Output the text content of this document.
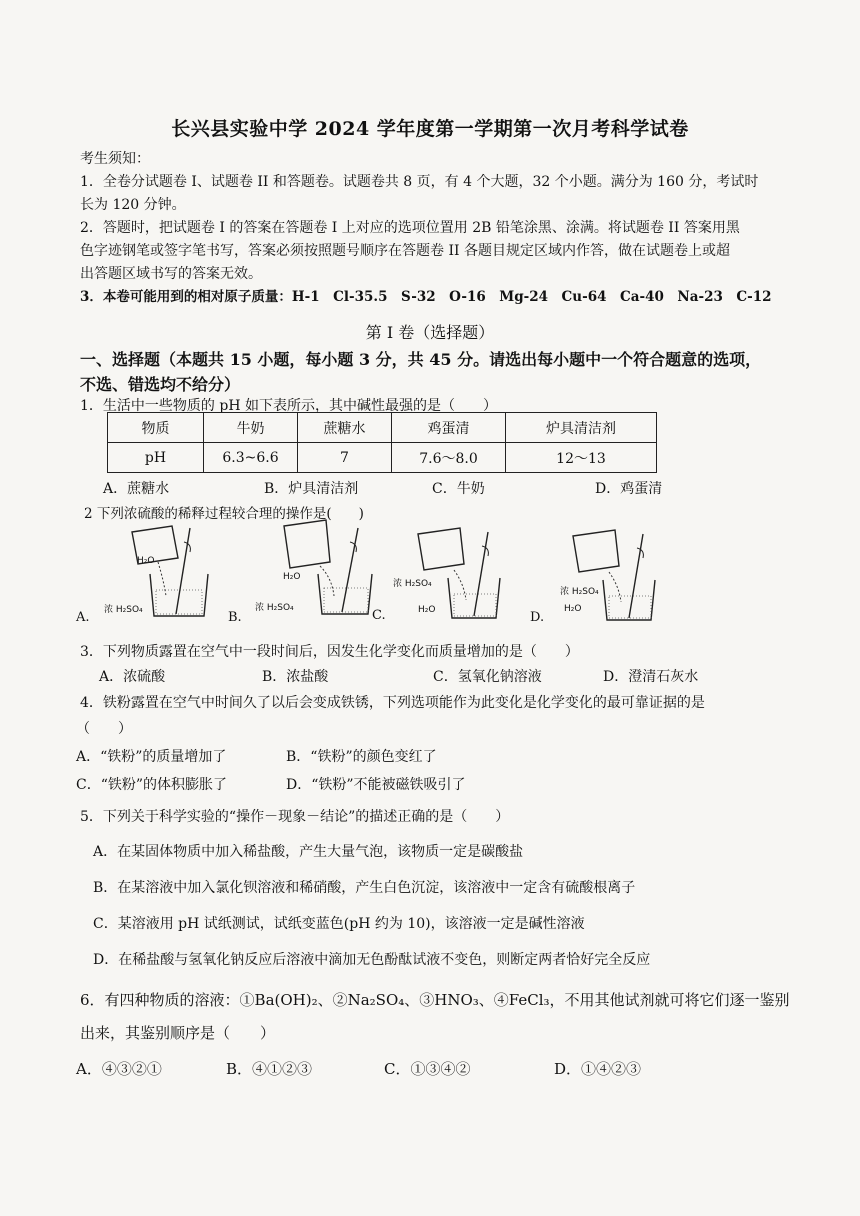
长兴县实验中学 2024 学年度第一学期第一次月考科学试卷
考生须知：
1．全卷分试题卷 I、试题卷 II 和答题卷。试题卷共 8 页，有 4 个大题，32 个小题。满分为 160 分，考试时
长为 120 分钟。
2．答题时，把试题卷 I 的答案在答题卷 I 上对应的选项位置用 2B 铅笔涂黑、涂满。将试题卷 II 答案用黑
色字迹钢笔或签字笔书写，答案必须按照题号顺序在答题卷 II 各题目规定区域内作答，做在试题卷上或超
出答题区域书写的答案无效。
3．本卷可能用到的相对原子质量：H-1　Cl-35.5　S-32　O-16　Mg-24　Cu-64　Ca-40　Na-23　C-12
第 I 卷（选择题）
一、选择题（本题共 15 小题，每小题 3 分，共 45 分。请选出每小题中一个符合题意的选项，
不选、错选均不给分）
1．生活中一些物质的 pH 如下表所示，其中碱性最强的是（　　）
物质	牛奶	蔗糖水	鸡蛋清	炉具清洁剂
pH	6.3~6.6	7	7.6～8.0	12～13
A．蔗糖水	B．炉具清洁剂	C．牛奶	D．鸡蛋清
2 下列浓硫酸的稀释过程较合理的操作是(　　)
H₂O
浓 H₂SO₄
A.
H₂O
浓 H₂SO₄
B.
浓 H₂SO₄
H₂O
C.
浓 H₂SO₄
H₂O
D.
3．下列物质露置在空气中一段时间后，因发生化学变化而质量增加的是（　　）
A．浓硫酸	B．浓盐酸	C．氢氧化钠溶液	D．澄清石灰水
4．铁粉露置在空气中时间久了以后会变成铁锈，下列选项能作为此变化是化学变化的最可靠证据的是
（　　）
A．“铁粉”的质量增加了	B．“铁粉”的颜色变红了
C．“铁粉”的体积膨胀了	D．“铁粉”不能被磁铁吸引了
5．下列关于科学实验的“操作－现象－结论”的描述正确的是（　　）
A．在某固体物质中加入稀盐酸，产生大量气泡，该物质一定是碳酸盐
B．在某溶液中加入氯化钡溶液和稀硝酸，产生白色沉淀，该溶液中一定含有硫酸根离子
C．某溶液用 pH 试纸测试，试纸变蓝色(pH 约为 10)，该溶液一定是碱性溶液
D．在稀盐酸与氢氧化钠反应后溶液中滴加无色酚酞试液不变色，则断定两者恰好完全反应
6．有四种物质的溶液：①Ba(OH)₂、②Na₂SO₄、③HNO₃、④FeCl₃，不用其他试剂就可将它们逐一鉴别
出来，其鉴别顺序是（　　）
A．④③②①	B．④①②③	C．①③④②	D．①④②③
